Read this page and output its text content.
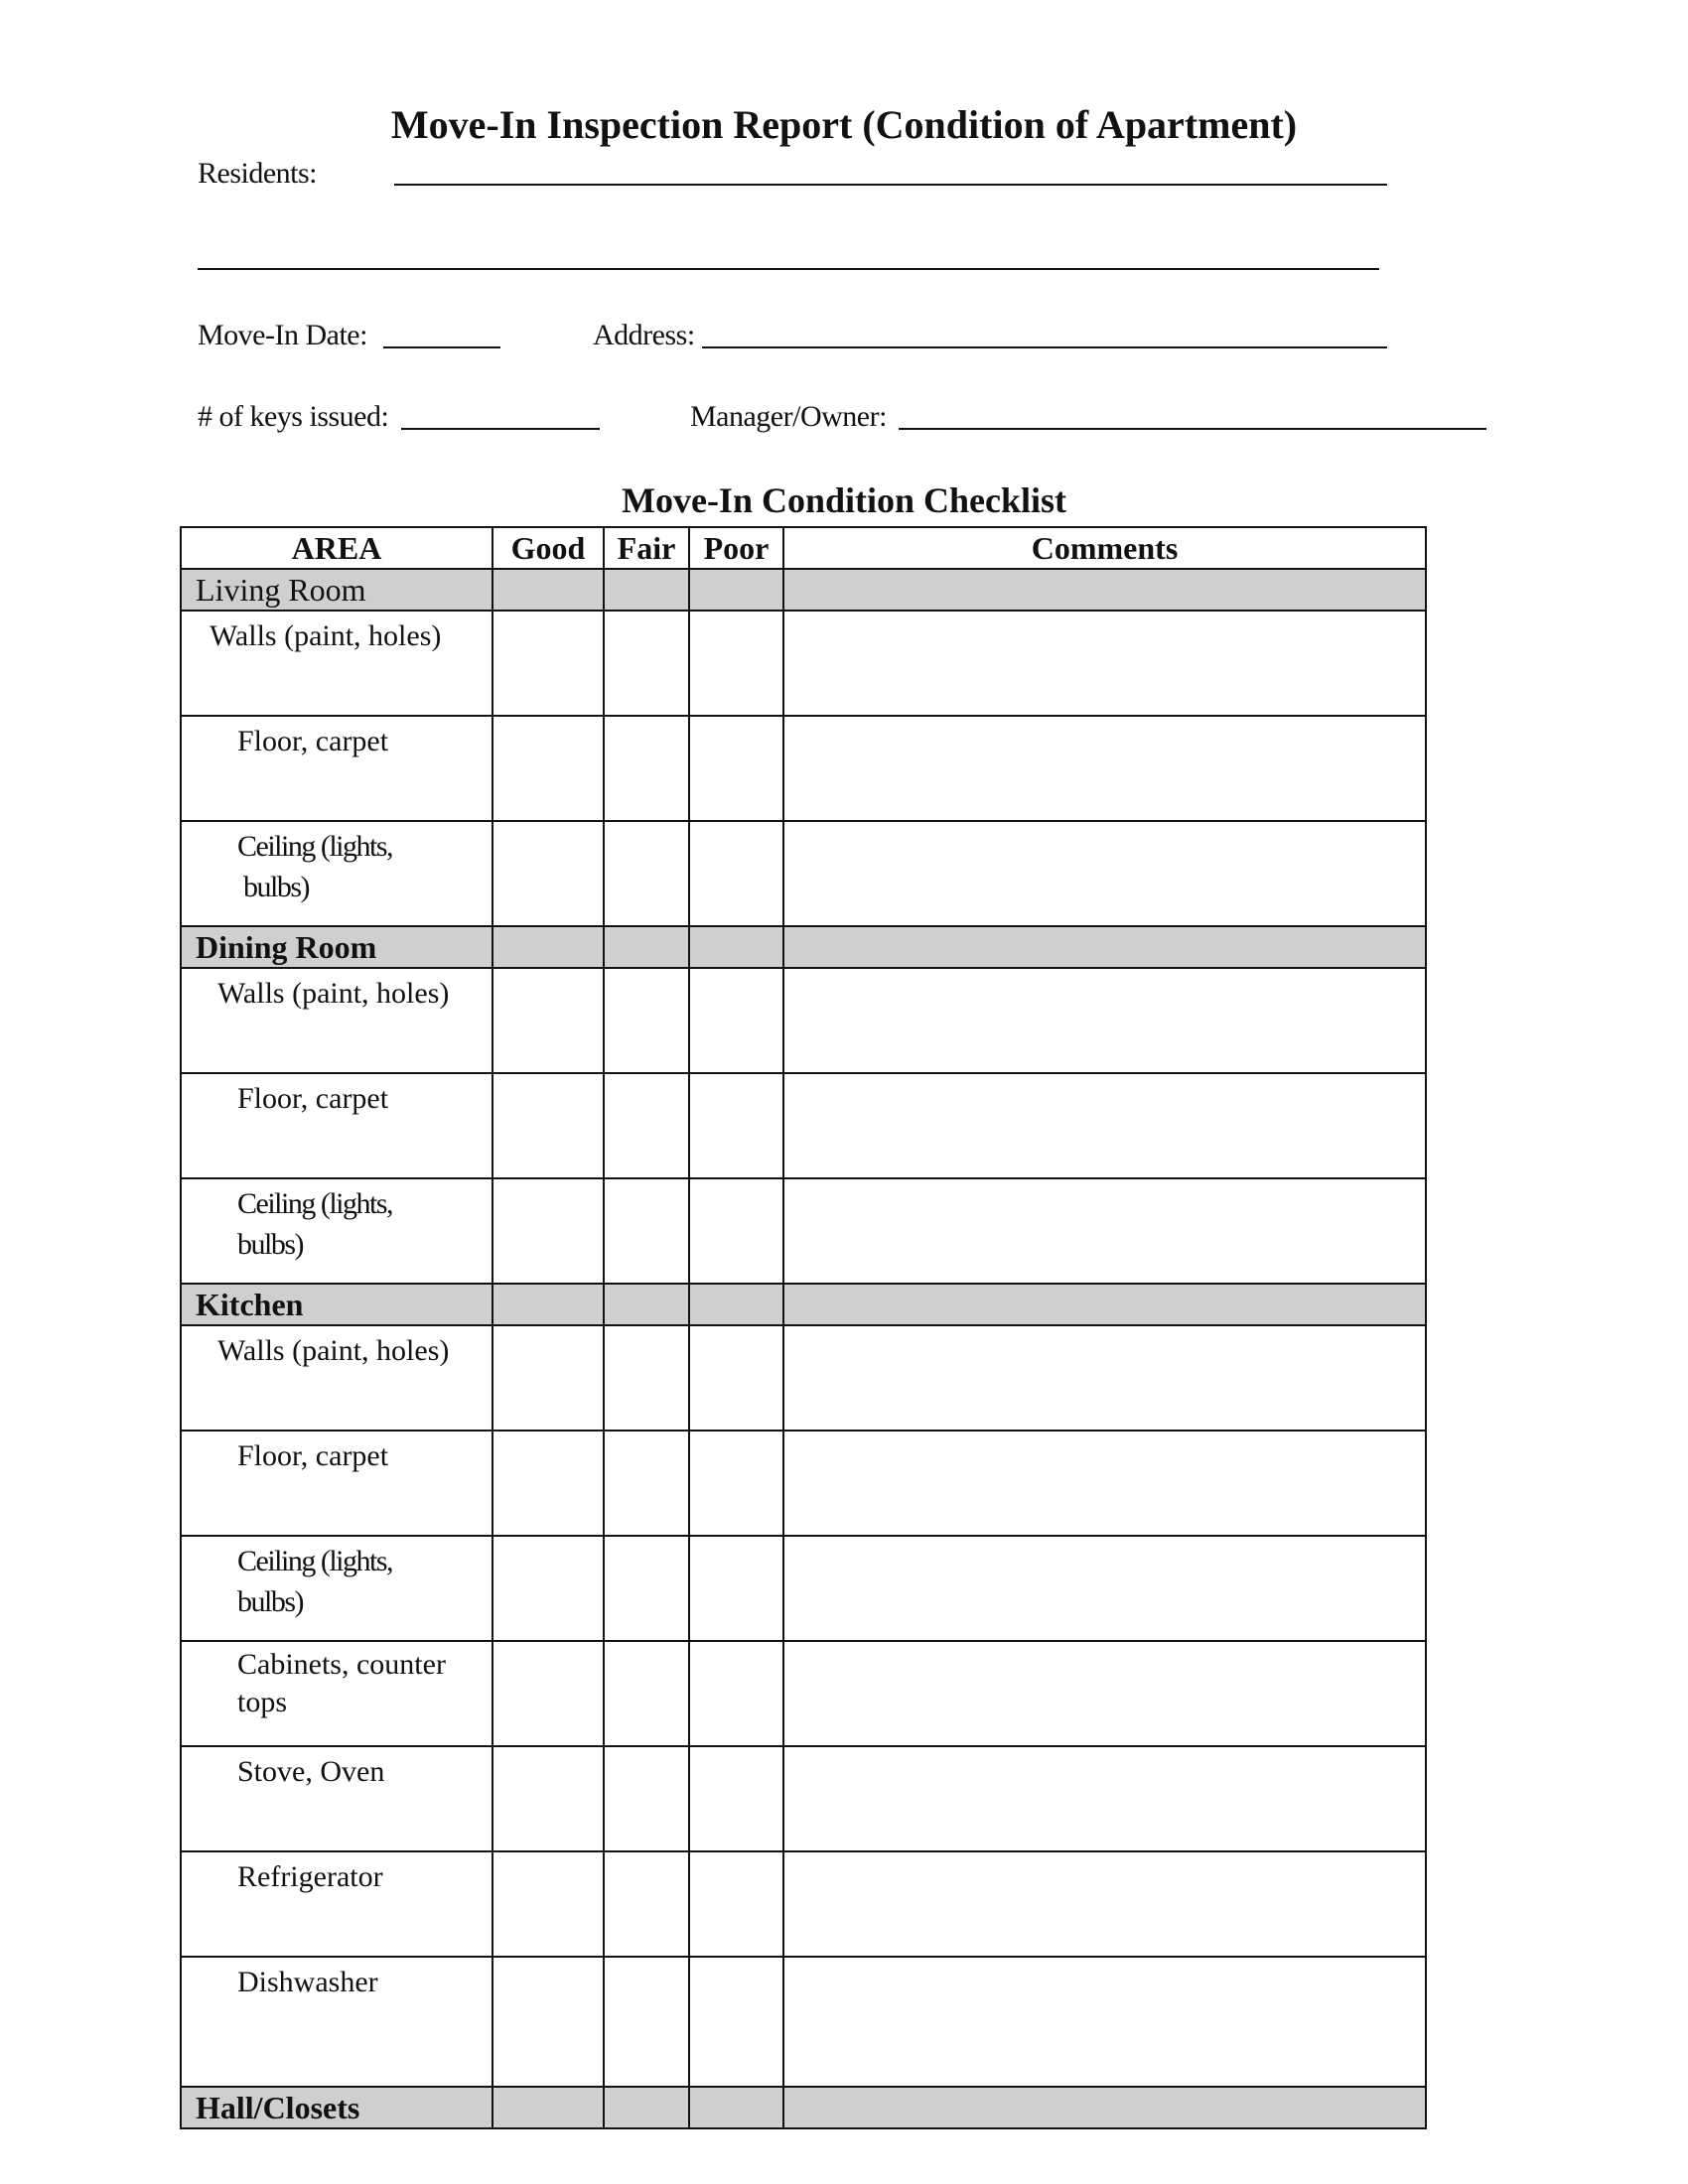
Move-In Inspection Report (Condition of Apartment)
Residents:
Move-In Date:	Address:
# of keys issued:	Manager/Owner:
Move-In Condition Checklist
AREA	Good	Fair	Poor	Comments
Living Room				
Walls (paint, holes)				
Floor, carpet				
Ceiling (lights,
bulbs)				
Dining Room				
Walls (paint, holes)				
Floor, carpet				
Ceiling (lights,
bulbs)				
Kitchen				
Walls (paint, holes)				
Floor, carpet				
Ceiling (lights,
bulbs)				
Cabinets, counter
tops				
Stove, Oven				
Refrigerator				
Dishwasher				
Hall/Closets				
